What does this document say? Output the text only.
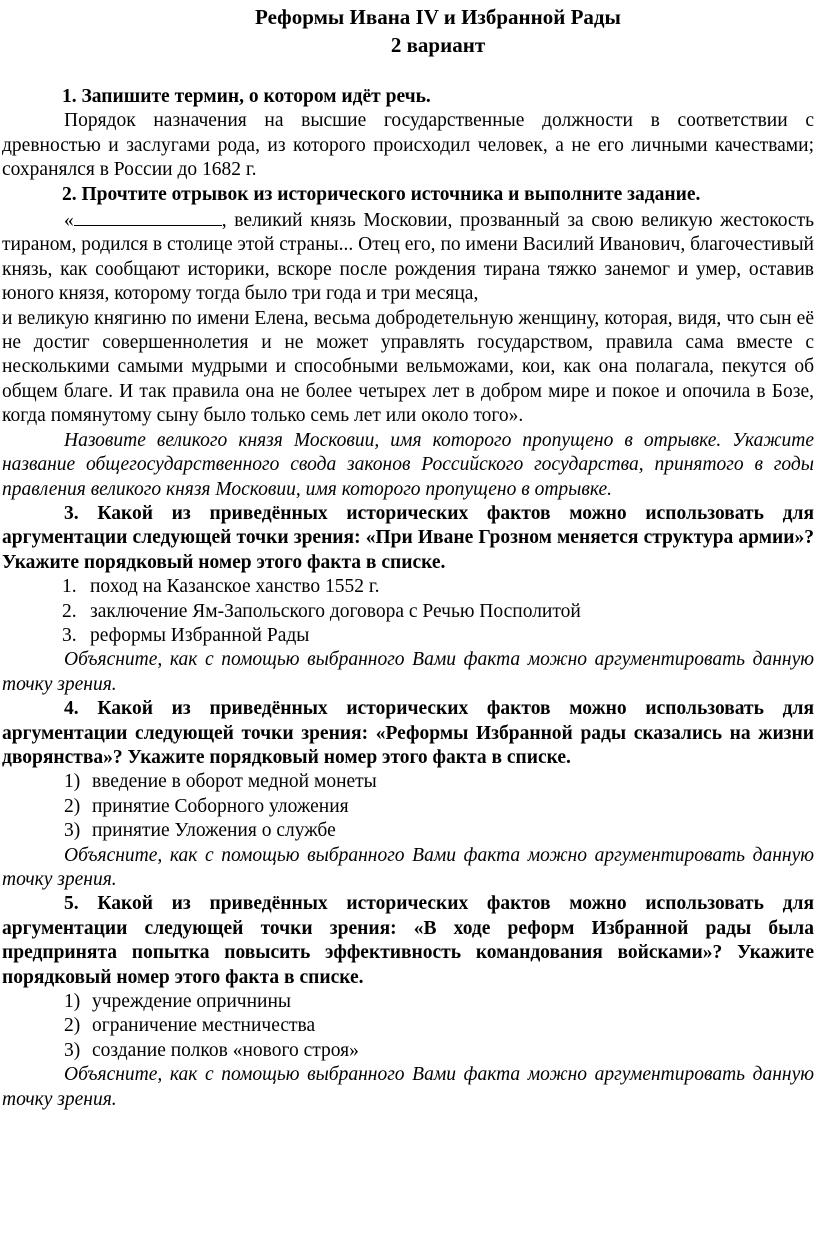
Реформы Ивана IV и Избранной Рады
2 вариант

1. Запишите термин, о котором идёт речь.

Порядок назначения на высшие государственные должности в соответствии с древностью и заслугами рода, из которого происходил человек, а не его личными качествами; сохранялся в России до 1682 г.

2. Прочтите отрывок из исторического источника и выполните задание.

«	, великий князь Московии, прозванный за свою великую жестокость тираном, родился в столице этой страны... Отец его, по имени Василий Иванович, благочестивый князь, как сообщают историки, вскоре после рождения тирана тяжко занемог и умер, оставив юного князя, которому тогда было три года и три месяца,

и великую княгиню по имени Елена, весьма добродетельную женщину, которая, видя, что сын её не достиг совершеннолетия и не может управлять государством, правила сама вместе с несколькими самыми мудрыми и способными вельможами, кои, как она полагала, пекутся об общем благе. И так правила она не более четырех лет в добром мире и покое и опочила в Бозе, когда помянутому сыну было только семь лет или около того».

Назовите великого князя Московии, имя которого пропущено в отрывке. Укажите название общегосударственного свода законов Российского государства, принятого в годы правления великого князя Московии, имя которого пропущено в отрывке.

3. Какой из приведённых исторических фактов можно использовать для аргументации следующей точки зрения: «При Иване Грозном меняется структура армии»? Укажите порядковый номер этого факта в списке.

1. поход на Казанское ханство 1552 г.
2. заключение Ям-Запольского договора с Речью Посполитой
3. реформы Избранной Рады

Объясните, как с помощью выбранного Вами факта можно аргументировать данную точку зрения.

4. Какой из приведённых исторических фактов можно использовать для аргументации следующей точки зрения: «Реформы Избранной рады сказались на жизни дворянства»? Укажите порядковый номер этого факта в списке.

1) введение в оборот медной монеты
2) принятие Соборного уложения
3) принятие Уложения о службе

Объясните, как с помощью выбранного Вами факта можно аргументировать данную точку зрения.

5. Какой из приведённых исторических фактов можно использовать для аргументации следующей точки зрения: «В ходе реформ Избранной рады была предпринята попытка повысить эффективность командования войсками»? Укажите порядковый номер этого факта в списке.

1) учреждение опричнины
2) ограничение местничества
3) создание полков «нового строя»

Объясните, как с помощью выбранного Вами факта можно аргументировать данную точку зрения.
